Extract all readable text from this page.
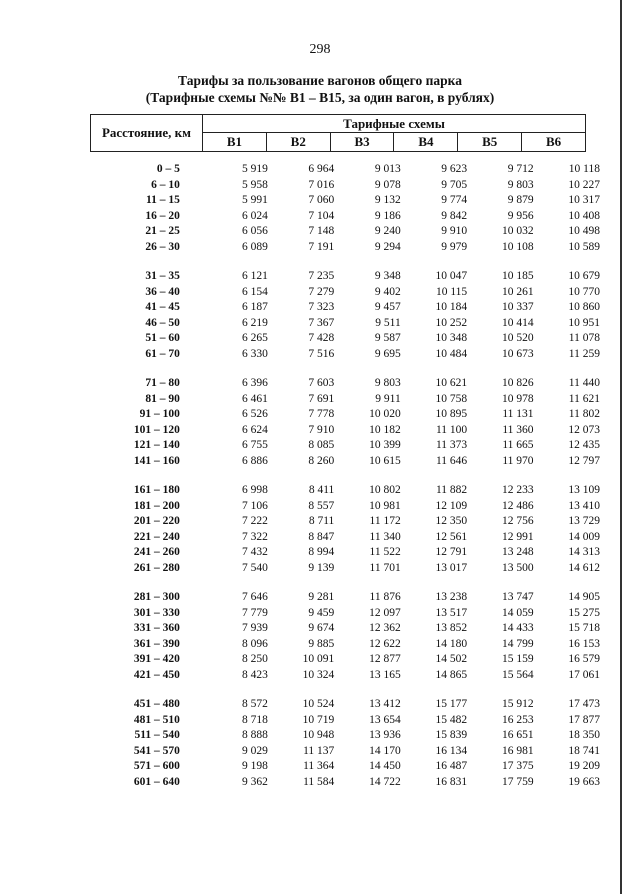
298
Тарифы за пользование вагонов общего парка
(Тарифные схемы №№ B1 – B15, за один вагон, в рублях)
Расстояние, км
Тарифные схемы
B1	B2	B3	B4	B5	B6
0 – 5	5 919	6 964	9 013	9 623	9 712	10 118
6 – 10	5 958	7 016	9 078	9 705	9 803	10 227
11 – 15	5 991	7 060	9 132	9 774	9 879	10 317
16 – 20	6 024	7 104	9 186	9 842	9 956	10 408
21 – 25	6 056	7 148	9 240	9 910	10 032	10 498
26 – 30	6 089	7 191	9 294	9 979	10 108	10 589
31 – 35	6 121	7 235	9 348	10 047	10 185	10 679
36 – 40	6 154	7 279	9 402	10 115	10 261	10 770
41 – 45	6 187	7 323	9 457	10 184	10 337	10 860
46 – 50	6 219	7 367	9 511	10 252	10 414	10 951
51 – 60	6 265	7 428	9 587	10 348	10 520	11 078
61 – 70	6 330	7 516	9 695	10 484	10 673	11 259
71 – 80	6 396	7 603	9 803	10 621	10 826	11 440
81 – 90	6 461	7 691	9 911	10 758	10 978	11 621
91 – 100	6 526	7 778	10 020	10 895	11 131	11 802
101 – 120	6 624	7 910	10 182	11 100	11 360	12 073
121 – 140	6 755	8 085	10 399	11 373	11 665	12 435
141 – 160	6 886	8 260	10 615	11 646	11 970	12 797
161 – 180	6 998	8 411	10 802	11 882	12 233	13 109
181 – 200	7 106	8 557	10 981	12 109	12 486	13 410
201 – 220	7 222	8 711	11 172	12 350	12 756	13 729
221 – 240	7 322	8 847	11 340	12 561	12 991	14 009
241 – 260	7 432	8 994	11 522	12 791	13 248	14 313
261 – 280	7 540	9 139	11 701	13 017	13 500	14 612
281 – 300	7 646	9 281	11 876	13 238	13 747	14 905
301 – 330	7 779	9 459	12 097	13 517	14 059	15 275
331 – 360	7 939	9 674	12 362	13 852	14 433	15 718
361 – 390	8 096	9 885	12 622	14 180	14 799	16 153
391 – 420	8 250	10 091	12 877	14 502	15 159	16 579
421 – 450	8 423	10 324	13 165	14 865	15 564	17 061
451 – 480	8 572	10 524	13 412	15 177	15 912	17 473
481 – 510	8 718	10 719	13 654	15 482	16 253	17 877
511 – 540	8 888	10 948	13 936	15 839	16 651	18 350
541 – 570	9 029	11 137	14 170	16 134	16 981	18 741
571 – 600	9 198	11 364	14 450	16 487	17 375	19 209
601 – 640	9 362	11 584	14 722	16 831	17 759	19 663
